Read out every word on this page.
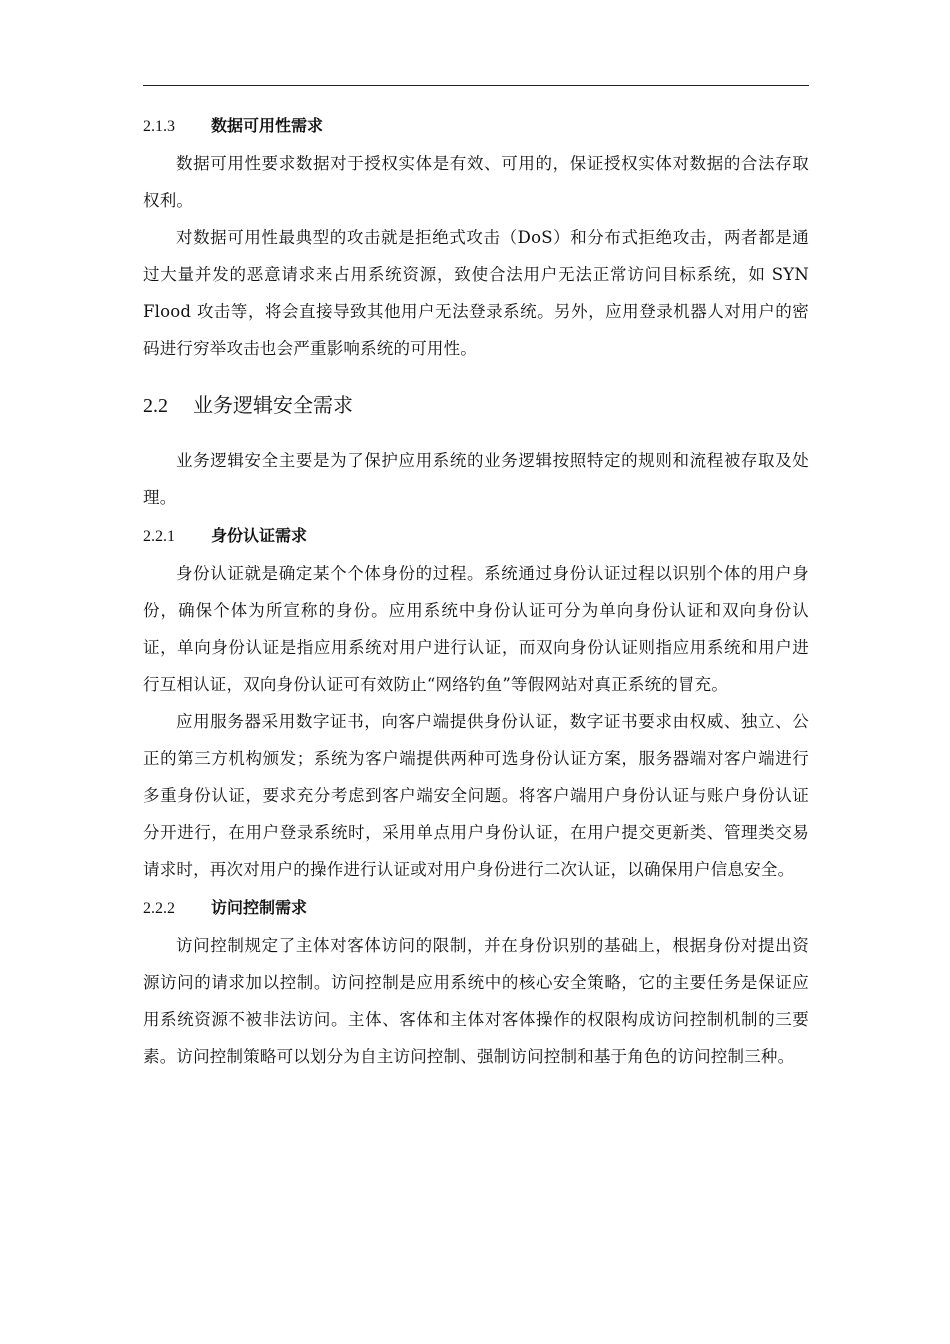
2.1.3 数据可用性需求

数据可用性要求数据对于授权实体是有效、可用的，保证授权实体对数据的合法存取权利。

对数据可用性最典型的攻击就是拒绝式攻击（DoS）和分布式拒绝攻击，两者都是通过大量并发的恶意请求来占用系统资源，致使合法用户无法正常访问目标系统，如 SYN Flood 攻击等，将会直接导致其他用户无法登录系统。另外，应用登录机器人对用户的密码进行穷举攻击也会严重影响系统的可用性。

2.2 业务逻辑安全需求

业务逻辑安全主要是为了保护应用系统的业务逻辑按照特定的规则和流程被存取及处理。

2.2.1 身份认证需求

身份认证就是确定某个个体身份的过程。系统通过身份认证过程以识别个体的用户身份，确保个体为所宣称的身份。应用系统中身份认证可分为单向身份认证和双向身份认证，单向身份认证是指应用系统对用户进行认证，而双向身份认证则指应用系统和用户进行互相认证，双向身份认证可有效防止“网络钓鱼”等假网站对真正系统的冒充。

应用服务器采用数字证书，向客户端提供身份认证，数字证书要求由权威、独立、公正的第三方机构颁发；系统为客户端提供两种可选身份认证方案，服务器端对客户端进行多重身份认证，要求充分考虑到客户端安全问题。将客户端用户身份认证与账户身份认证分开进行，在用户登录系统时，采用单点用户身份认证，在用户提交更新类、管理类交易请求时，再次对用户的操作进行认证或对用户身份进行二次认证，以确保用户信息安全。

2.2.2 访问控制需求

访问控制规定了主体对客体访问的限制，并在身份识别的基础上，根据身份对提出资源访问的请求加以控制。访问控制是应用系统中的核心安全策略，它的主要任务是保证应用系统资源不被非法访问。主体、客体和主体对客体操作的权限构成访问控制机制的三要素。访问控制策略可以划分为自主访问控制、强制访问控制和基于角色的访问控制三种。
